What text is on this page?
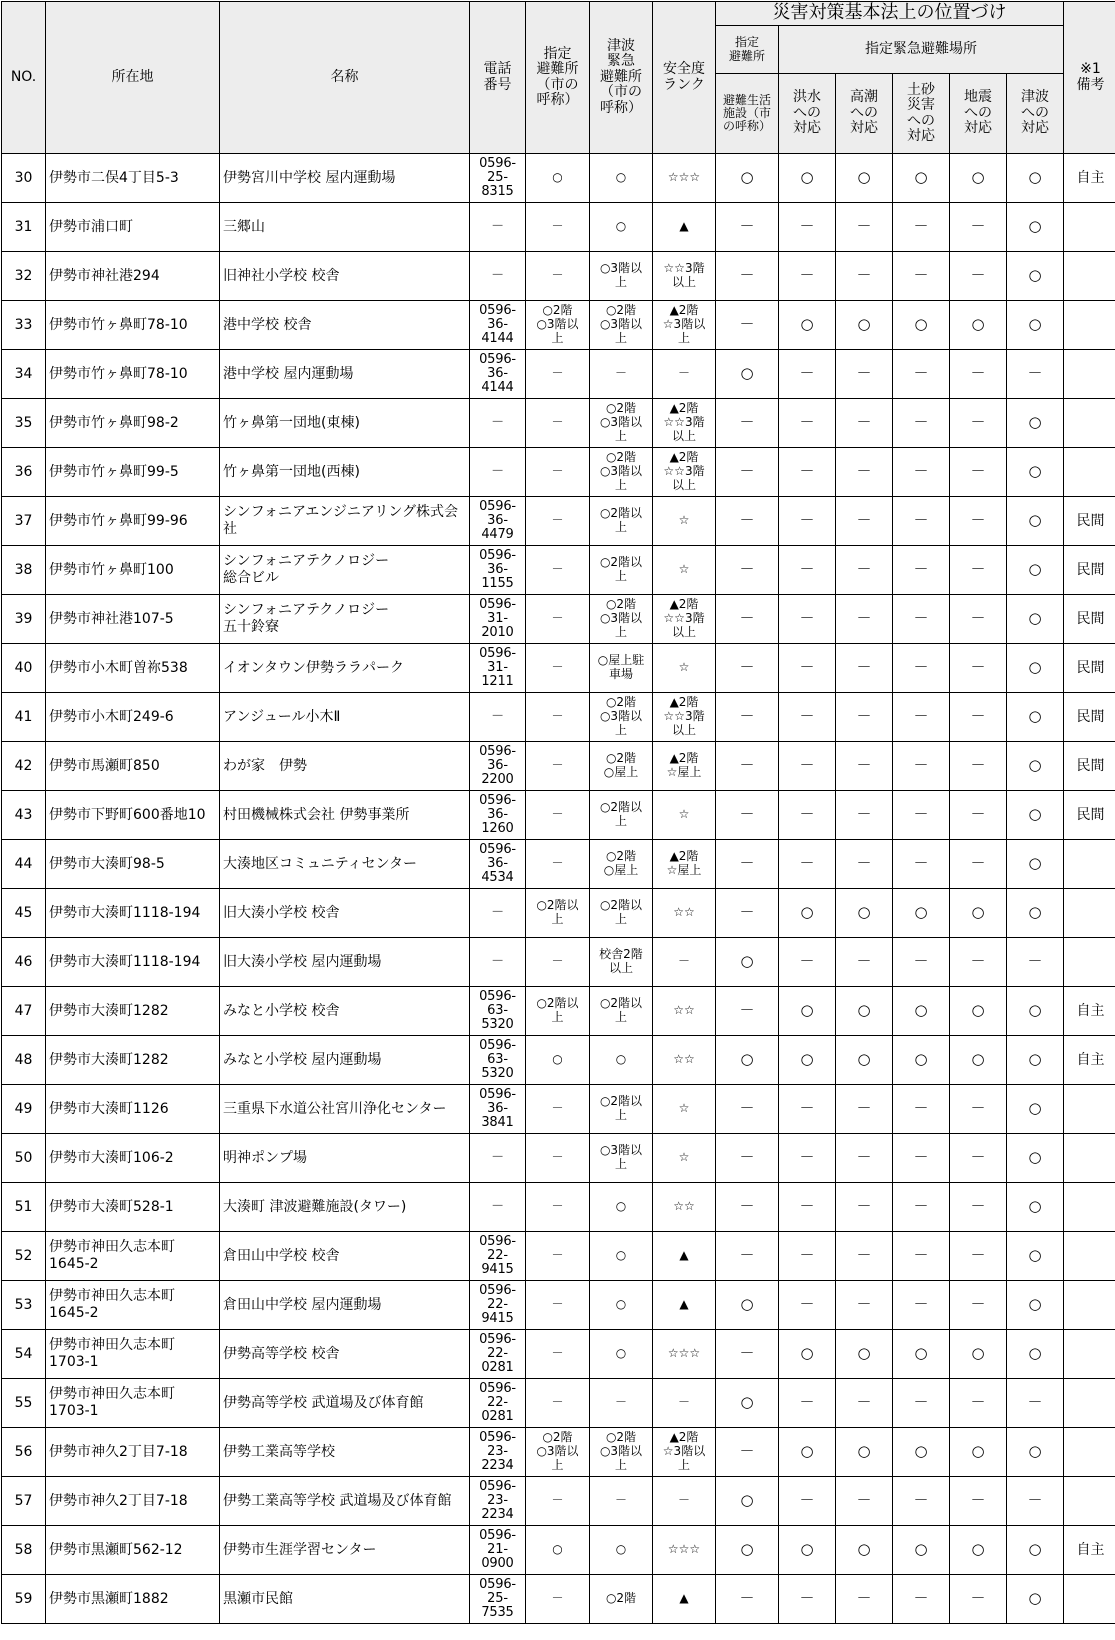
NO.	所在地	名称	電話
番号	指定
避難所
（市の
呼称）	津波
緊急
避難所
（市の
呼称）	安全度
ランク	災害対策基本法上の位置づけ						※1
備考
							指定
避難所	指定緊急避難場所					
							避難生活
施設（市
の呼称）	洪水
への
対応	高潮
への
対応	土砂
災害
への
対応	地震
への
対応	津波
への
対応	
30	伊勢市二俣4丁目5-3	伊勢宮川中学校 屋内運動場	0596-
25-
8315	○	○	☆☆☆	○	○	○	○	○	○	自主
31	伊勢市浦口町	三郷山	－	－	○	▲	－	－	－	－	－	○	
32	伊勢市神社港294	旧神社小学校 校舎	－	－	○3階以
上	☆☆3階
以上	－	－	－	－	－	○	
33	伊勢市竹ヶ鼻町78-10	港中学校 校舎	0596-
36-
4144	○2階
○3階以
上	○2階
○3階以
上	▲2階
☆3階以
上	－	○	○	○	○	○	
34	伊勢市竹ヶ鼻町78-10	港中学校 屋内運動場	0596-
36-
4144	－	－	－	○	－	－	－	－	－	
35	伊勢市竹ヶ鼻町98-2	竹ヶ鼻第一団地(東棟)	－	－	○2階
○3階以
上	▲2階
☆☆3階
以上	－	－	－	－	－	○	
36	伊勢市竹ヶ鼻町99-5	竹ヶ鼻第一団地(西棟)	－	－	○2階
○3階以
上	▲2階
☆☆3階
以上	－	－	－	－	－	○	
37	伊勢市竹ヶ鼻町99-96	シンフォニアエンジニアリング株式会社	0596-
36-
4479	－	○2階以
上	☆	－	－	－	－	－	○	民間
38	伊勢市竹ヶ鼻町100	シンフォニアテクノロジー
総合ビル	0596-
36-
1155	－	○2階以
上	☆	－	－	－	－	－	○	民間
39	伊勢市神社港107-5	シンフォニアテクノロジー
五十鈴寮	0596-
31-
2010	－	○2階
○3階以
上	▲2階
☆☆3階
以上	－	－	－	－	－	○	民間
40	伊勢市小木町曽祢538	イオンタウン伊勢ララパーク	0596-
31-
1211	－	○屋上駐
車場	☆	－	－	－	－	－	○	民間
41	伊勢市小木町249-6	アンジュール小木Ⅱ	－	－	○2階
○3階以
上	▲2階
☆☆3階
以上	－	－	－	－	－	○	民間
42	伊勢市馬瀬町850	わが家　伊勢	0596-
36-
2200	－	○2階
○屋上	▲2階
☆屋上	－	－	－	－	－	○	民間
43	伊勢市下野町600番地10	村田機械株式会社 伊勢事業所	0596-
36-
1260	－	○2階以
上	☆	－	－	－	－	－	○	民間
44	伊勢市大湊町98-5	大湊地区コミュニティセンター	0596-
36-
4534	－	○2階
○屋上	▲2階
☆屋上	－	－	－	－	－	○	
45	伊勢市大湊町1118-194	旧大湊小学校 校舎	－	○2階以
上	○2階以
上	☆☆	－	○	○	○	○	○	
46	伊勢市大湊町1118-194	旧大湊小学校 屋内運動場	－	－	校舎2階
以上	－	○	－	－	－	－	－	
47	伊勢市大湊町1282	みなと小学校 校舎	0596-
63-
5320	○2階以
上	○2階以
上	☆☆	－	○	○	○	○	○	自主
48	伊勢市大湊町1282	みなと小学校 屋内運動場	0596-
63-
5320	○	○	☆☆	○	○	○	○	○	○	自主
49	伊勢市大湊町1126	三重県下水道公社宮川浄化センター	0596-
36-
3841	－	○2階以
上	☆	－	－	－	－	－	○	
50	伊勢市大湊町106-2	明神ポンプ場	－	－	○3階以
上	☆	－	－	－	－	－	○	
51	伊勢市大湊町528-1	大湊町 津波避難施設(タワー)	－	－	○	☆☆	－	－	－	－	－	○	
52	伊勢市神田久志本町
1645-2	倉田山中学校 校舎	0596-
22-
9415	－	○	▲	－	－	－	－	－	○	
53	伊勢市神田久志本町
1645-2	倉田山中学校 屋内運動場	0596-
22-
9415	－	○	▲	○	－	－	－	－	○	
54	伊勢市神田久志本町
1703-1	伊勢高等学校 校舎	0596-
22-
0281	－	○	☆☆☆	－	○	○	○	○	○	
55	伊勢市神田久志本町
1703-1	伊勢高等学校 武道場及び体育館	0596-
22-
0281	－	－	－	○	－	－	－	－	－	
56	伊勢市神久2丁目7-18	伊勢工業高等学校	0596-
23-
2234	○2階
○3階以
上	○2階
○3階以
上	▲2階
☆3階以
上	－	○	○	○	○	○	
57	伊勢市神久2丁目7-18	伊勢工業高等学校 武道場及び体育館	0596-
23-
2234	－	－	－	○	－	－	－	－	－	
58	伊勢市黒瀬町562-12	伊勢市生涯学習センター	0596-
21-
0900	○	○	☆☆☆	○	○	○	○	○	○	自主
59	伊勢市黒瀬町1882	黒瀬市民館	0596-
25-
7535	－	○2階	▲	－	－	－	－	－	○	
